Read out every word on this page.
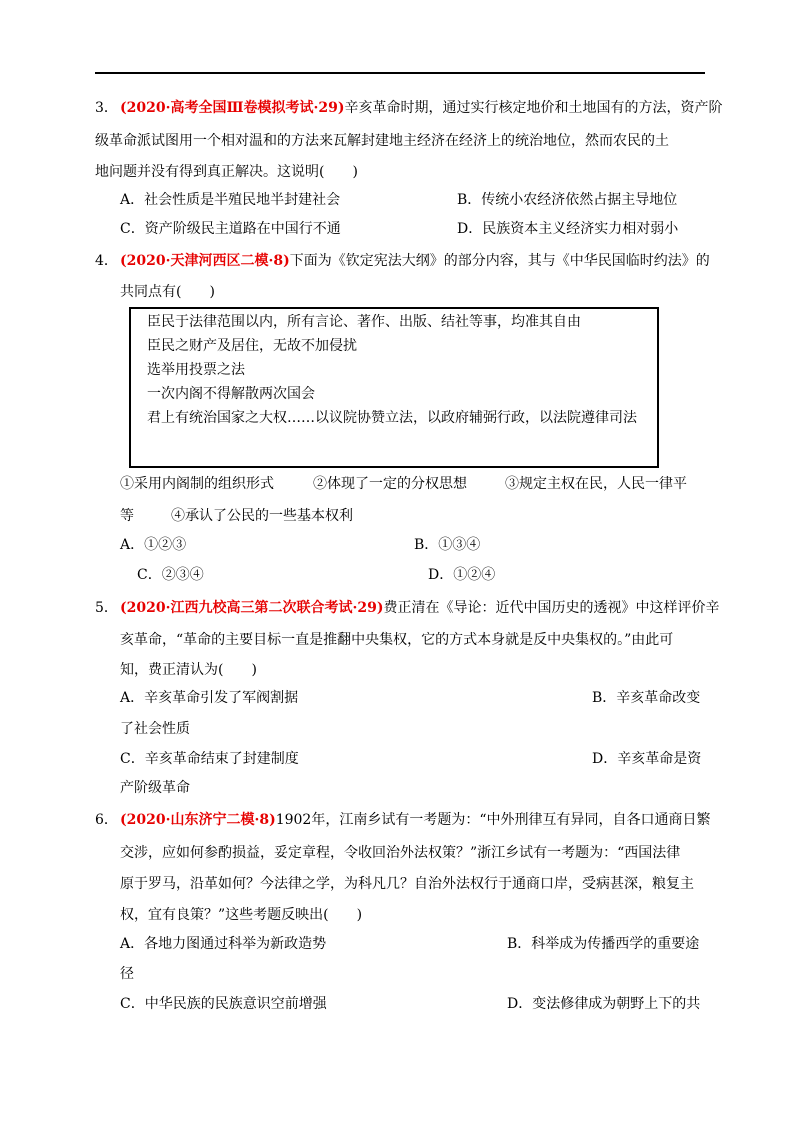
3． (2020·高考全国Ⅲ卷模拟考试·29)辛亥革命时期，通过实行核定地价和土地国有的方法，资产阶
级革命派试图用一个相对温和的方法来瓦解封建地主经济在经济上的统治地位，然而农民的土
地问题并没有得到真正解决。这说明(　　)
A．社会性质是半殖民地半封建社会	B．传统小农经济依然占据主导地位
C．资产阶级民主道路在中国行不通	D．民族资本主义经济实力相对弱小
4． (2020·天津河西区二模·8)下面为《钦定宪法大纲》的部分内容，其与《中华民国临时约法》的
共同点有(　　)
臣民于法律范围以内，所有言论、著作、出版、结社等事，均准其自由
臣民之财产及居住，无故不加侵扰
选举用投票之法
一次内阁不得解散两次国会
君上有统治国家之大权……以议院协赞立法，以政府辅弼行政，以法院遵律司法
①采用内阁制的组织形式	②体现了一定的分权思想	③规定主权在民，人民一律平
等	④承认了公民的一些基本权利
A．①②③	B．①③④
C．②③④	D．①②④
5． (2020·江西九校高三第二次联合考试·29)费正清在《导论：近代中国历史的透视》中这样评价辛
亥革命，“革命的主要目标一直是推翻中央集权，它的方式本身就是反中央集权的。”由此可
知，费正清认为(　　)
A．辛亥革命引发了军阀割据	B．辛亥革命改变
了社会性质
C．辛亥革命结束了封建制度	D．辛亥革命是资
产阶级革命
6． (2020·山东济宁二模·8)1902年，江南乡试有一考题为：“中外刑律互有异同，自各口通商日繁
交涉，应如何参酌损益，妥定章程，令收回治外法权策？”浙江乡试有一考题为：“西国法律
原于罗马，沿革如何？今法律之学，为科凡几？自治外法权行于通商口岸，受病甚深，粮复主
权，宜有良策？”这些考题反映出(　　)
A．各地力图通过科举为新政造势	B．科举成为传播西学的重要途
径
C．中华民族的民族意识空前增强	D．变法修律成为朝野上下的共
